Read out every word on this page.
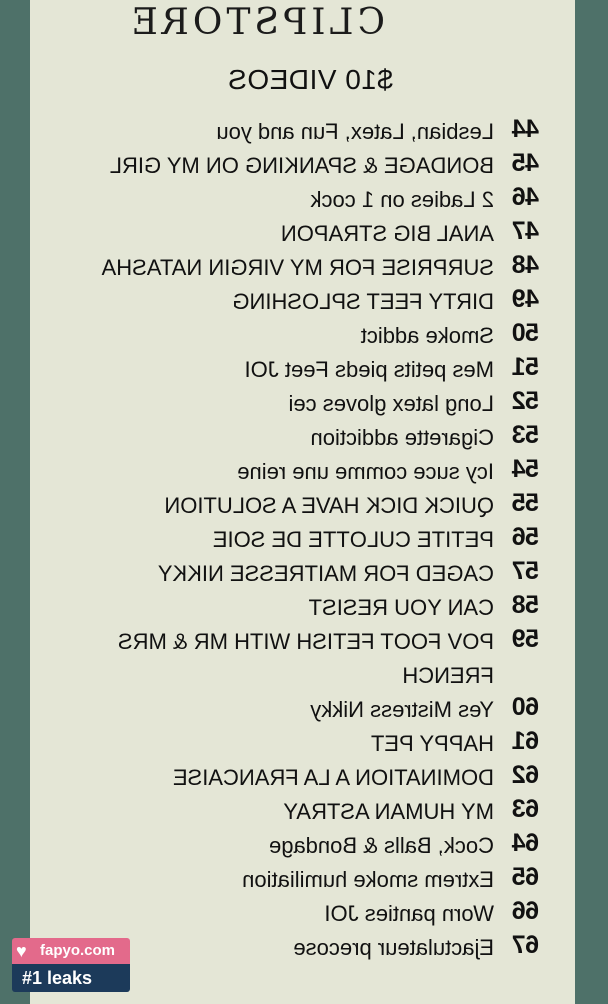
CLIPSTORE
$10 VIDEOS
44
Lesbian, Latex, Fun and you
45
BONDAGE & SPANKING ON MY GIRL
46
2 Ladies on 1 cock
47
ANAL BIG STRAPON
48
SURPRISE FOR MY VIRGIN NATASHA
49
DIRTY FEET SPLOSHING
50
Smoke addict
51
Mes petits pieds Feet JOI
52
Long latex gloves cei
53
Cigarette addiction
54
Icy suce comme une reine
55
QUICK DICK HAVE A SOLUTION
56
PETITE CULOTTE DE SOIE
57
CAGED FOR MAITRESSE NIKKY
58
CAN YOU RESIST
59
POV FOOT FETISH WITH MR & MRS FRENCH
60
Yes Mistress Nikky
61
HAPPY PET
62
DOMINATION A LA FRANCAISE
63
MY HUMAN ASTRAY
64
Cock, Balls & Bondage
65
Extrem smoke humiliation
66
Worn panties JOI
67
Ejactulateur precose
♥ fapyo.com
#1 leaks
